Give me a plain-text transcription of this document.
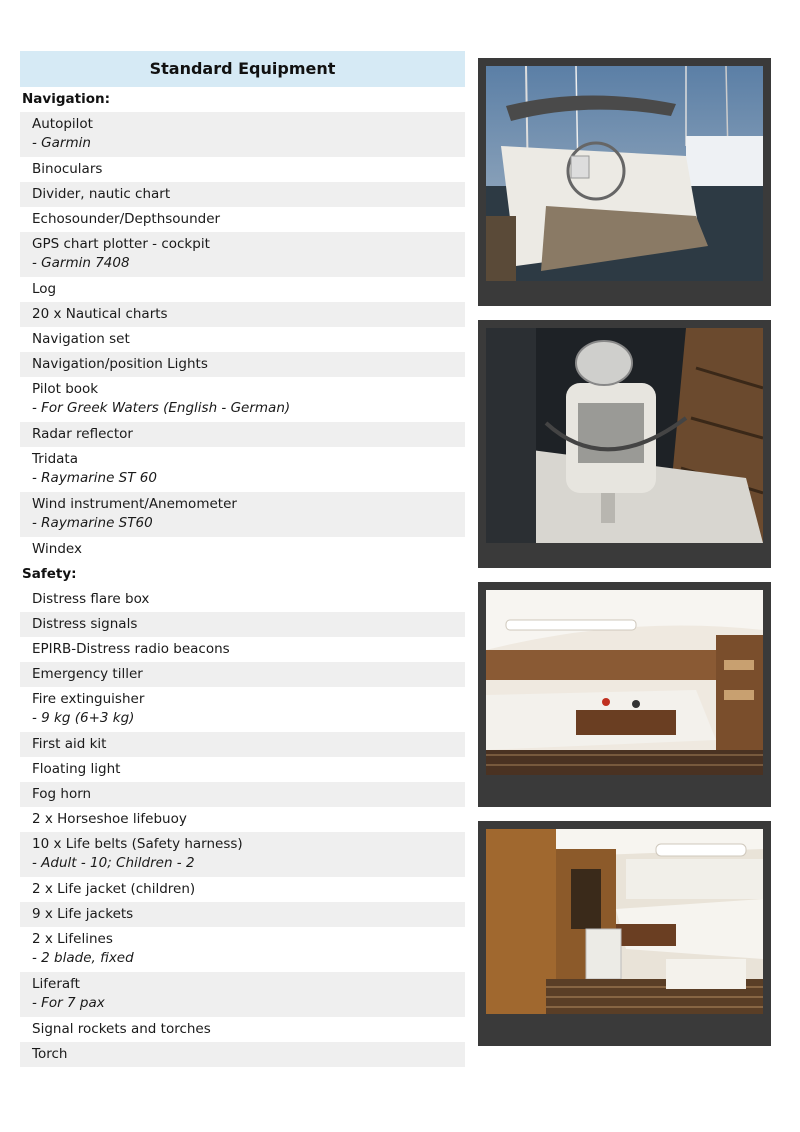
Standard Equipment
Navigation:
Autopilot
- Garmin
Binoculars
Divider, nautic chart
Echosounder/Depthsounder
GPS chart plotter - cockpit
- Garmin 7408
Log
20 x Nautical charts
Navigation set
Navigation/position Lights
Pilot book
- For Greek Waters (English - German)
Radar reflector
Tridata
- Raymarine ST 60
Wind instrument/Anemometer
- Raymarine ST60
Windex
Safety:
Distress flare box
Distress signals
EPIRB-Distress radio beacons
Emergency tiller
Fire extinguisher
- 9 kg (6+3 kg)
First aid kit
Floating light
Fog horn
2 x Horseshoe lifebuoy
10 x Life belts (Safety harness)
- Adult - 10; Children - 2
2 x Life jacket (children)
9 x Life jackets
2 x Lifelines
- 2 blade, fixed
Liferaft
- For 7 pax
Signal rockets and torches
Torch
